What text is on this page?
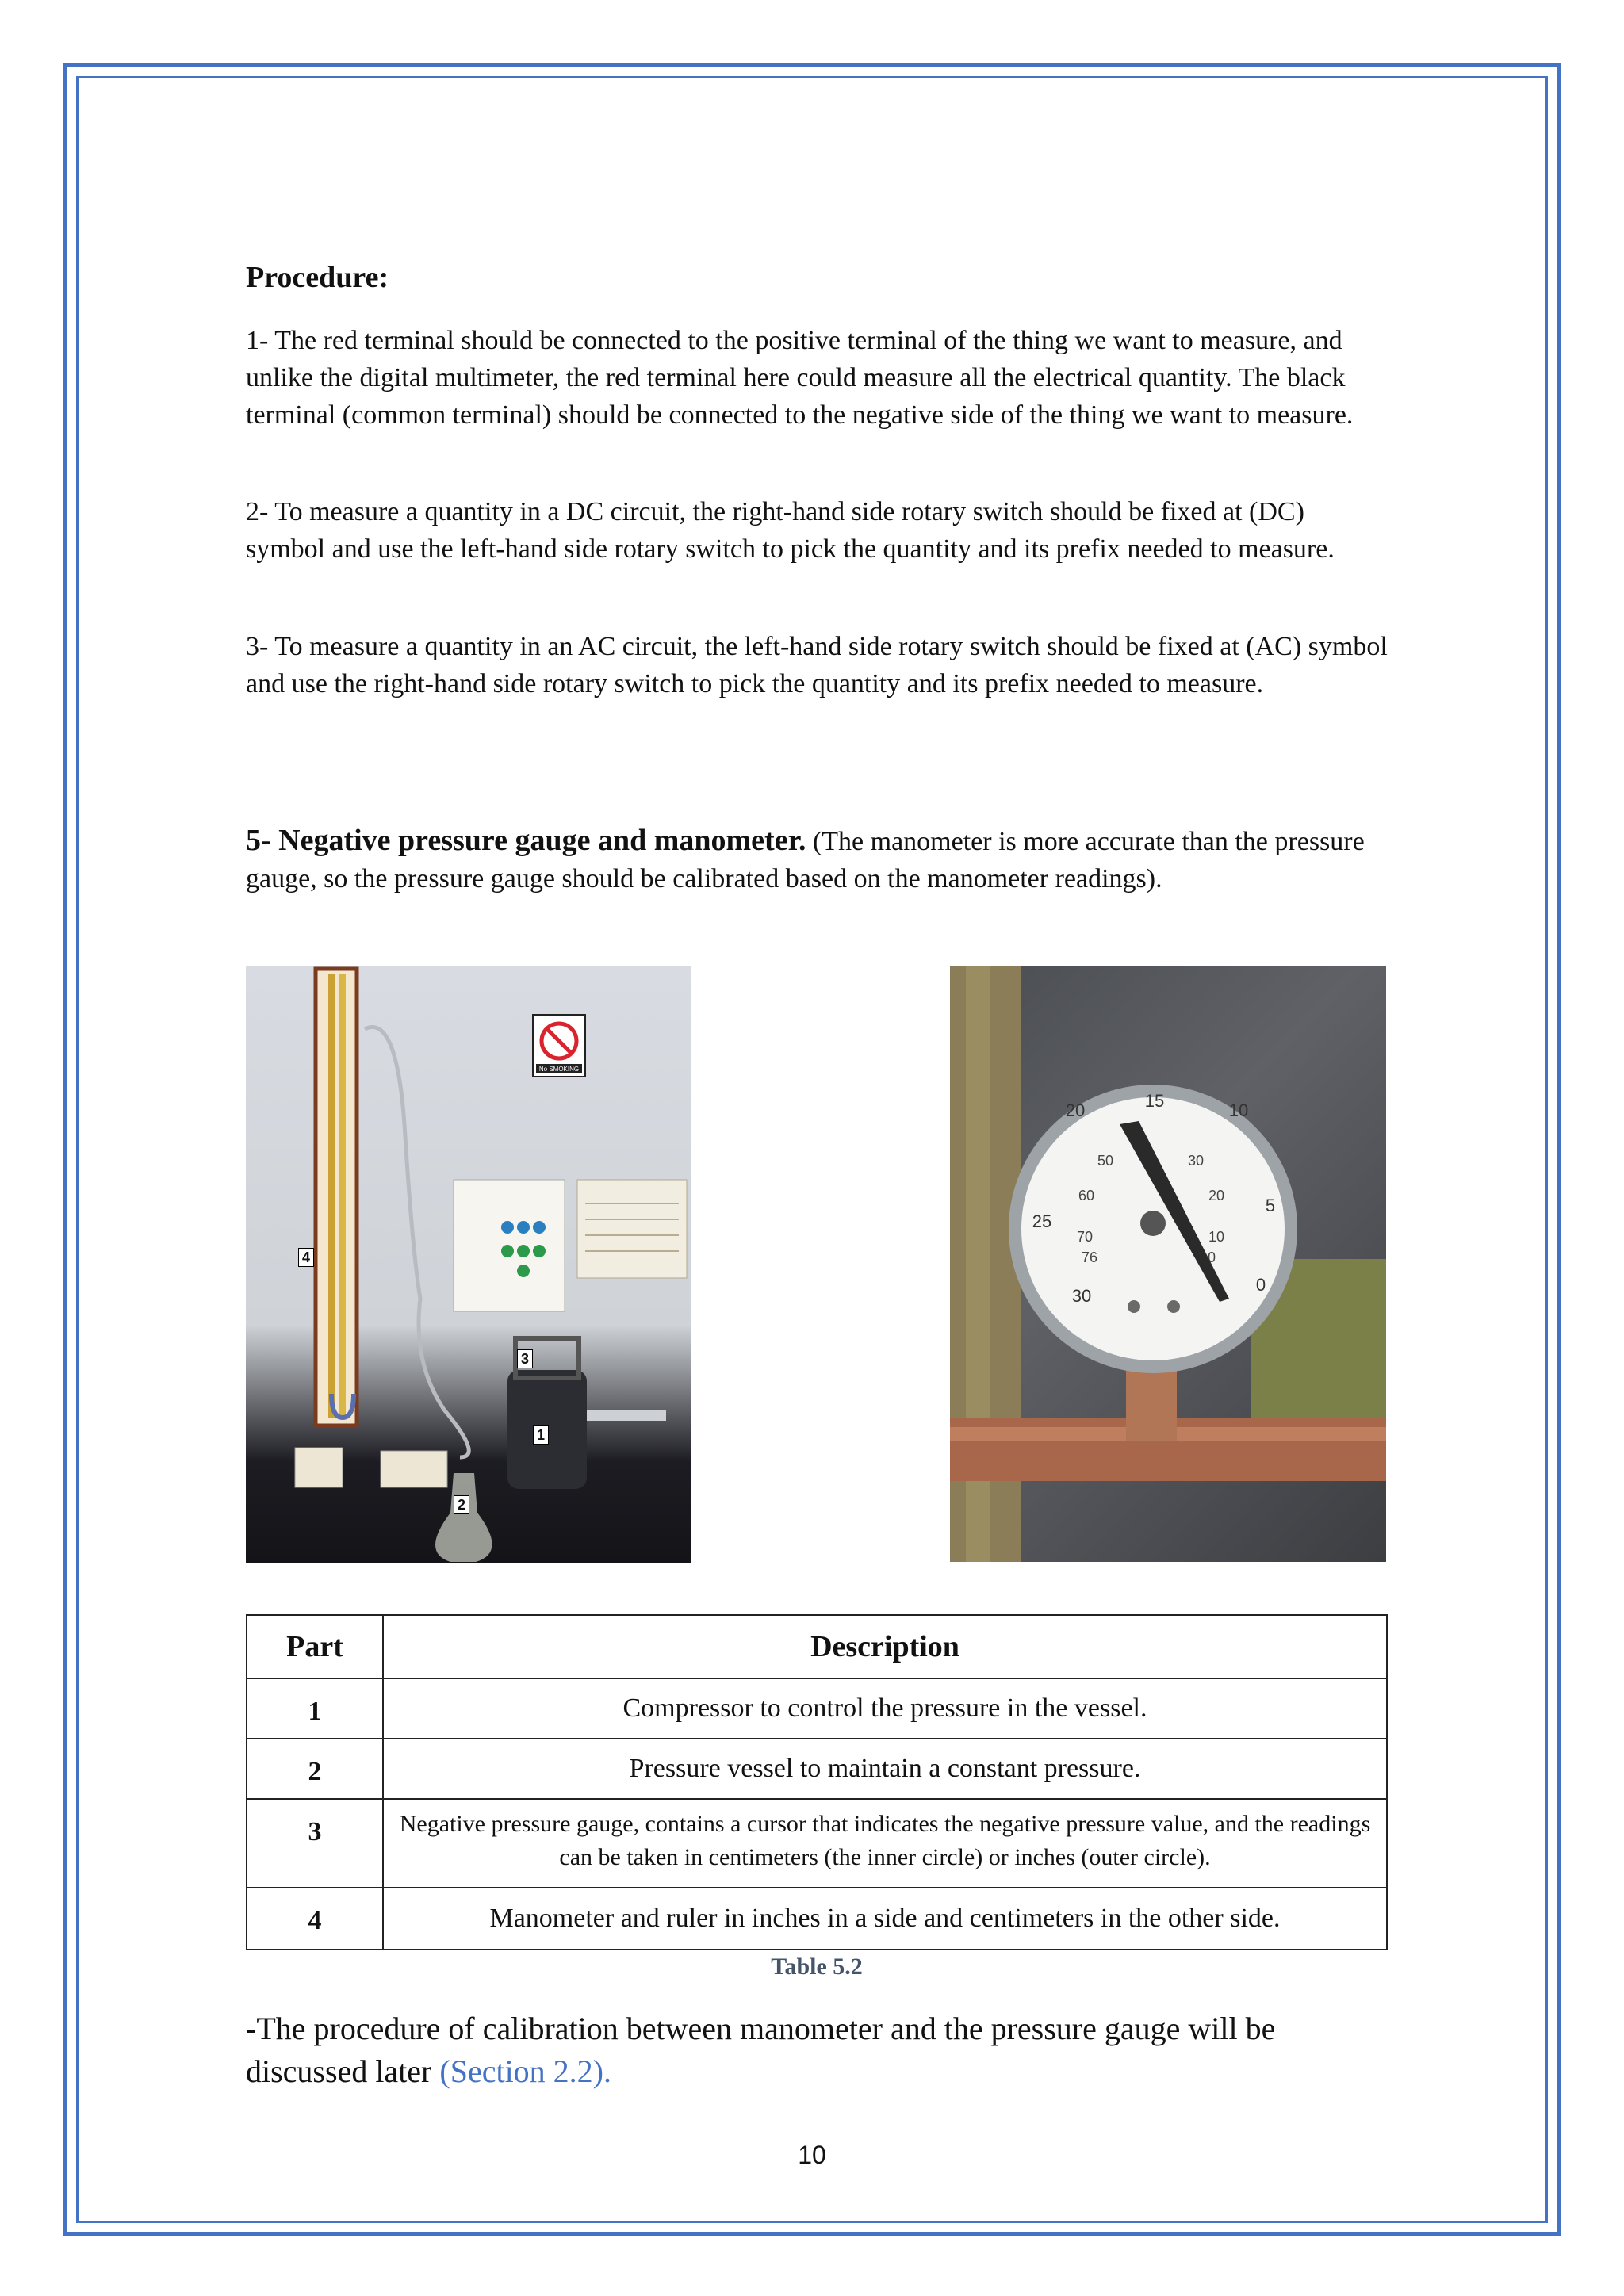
Procedure:

1- The red terminal should be connected to the positive terminal of the thing we want to measure, and unlike the digital multimeter, the red terminal here could measure all the electrical quantity. The black terminal (common terminal) should be connected to the negative side of the thing we want to measure.

2- To measure a quantity in a DC circuit, the right-hand side rotary switch should be fixed at (DC) symbol and use the left-hand side rotary switch to pick the quantity and its prefix needed to measure.

3- To measure a quantity in an AC circuit, the left-hand side rotary switch should be fixed at (AC) symbol and use the right-hand side rotary switch to pick the quantity and its prefix needed to measure.

5- Negative pressure gauge and manometer. (The manometer is more accurate than the pressure gauge, so the pressure gauge should be calibrated based on the manometer readings).

No SMOKING
4
3
1
2
20
25
30
15	10
5
0
76
70
60
50	30
20
10
0
Part	Description
1	Compressor to control the pressure in the vessel.
2	Pressure vessel to maintain a constant pressure.
3	Negative pressure gauge, contains a cursor that indicates the negative pressure value, and the readings can be taken in centimeters (the inner circle) or inches (outer circle).
4	Manometer and ruler in inches in a side and centimeters in the other side.
Table 5.2

-The procedure of calibration between manometer and the pressure gauge will be discussed later (Section 2.2).

10
